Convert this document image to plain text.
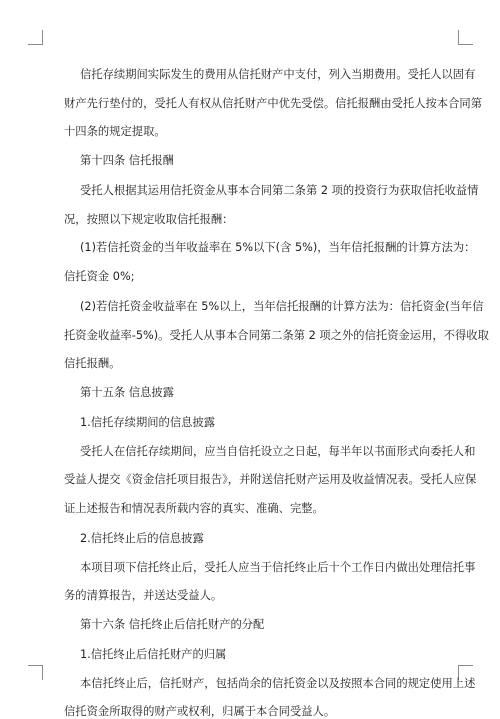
信托存续期间实际发生的费用从信托财产中支付，列入当期费用。受托人以固有
财产先行垫付的，受托人有权从信托财产中优先受偿。信托报酬由受托人按本合同第
十四条的规定提取。
第十四条 信托报酬
受托人根据其运用信托资金从事本合同第二条第 2 项的投资行为获取信托收益情
况，按照以下规定收取信托报酬：
(1)若信托资金的当年收益率在 5%以下(含 5%)，当年信托报酬的计算方法为：
信托资金 0%;
(2)若信托资金收益率在 5%以上，当年信托报酬的计算方法为：信托资金(当年信
托资金收益率-5%)。受托人从事本合同第二条第 2 项之外的信托资金运用，不得收取
信托报酬。
第十五条 信息披露
1.信托存续期间的信息披露
受托人在信托存续期间，应当自信托设立之日起，每半年以书面形式向委托人和
受益人提交《资金信托项目报告》，并附送信托财产运用及收益情况表。受托人应保
证上述报告和情况表所载内容的真实、准确、完整。
2.信托终止后的信息披露
本项目项下信托终止后，受托人应当于信托终止后十个工作日内做出处理信托事
务的清算报告，并送达受益人。
第十六条 信托终止后信托财产的分配
1.信托终止后信托财产的归属
本信托终止后，信托财产，包括尚余的信托资金以及按照本合同的规定使用上述
信托资金所取得的财产或权利，归属于本合同受益人。
